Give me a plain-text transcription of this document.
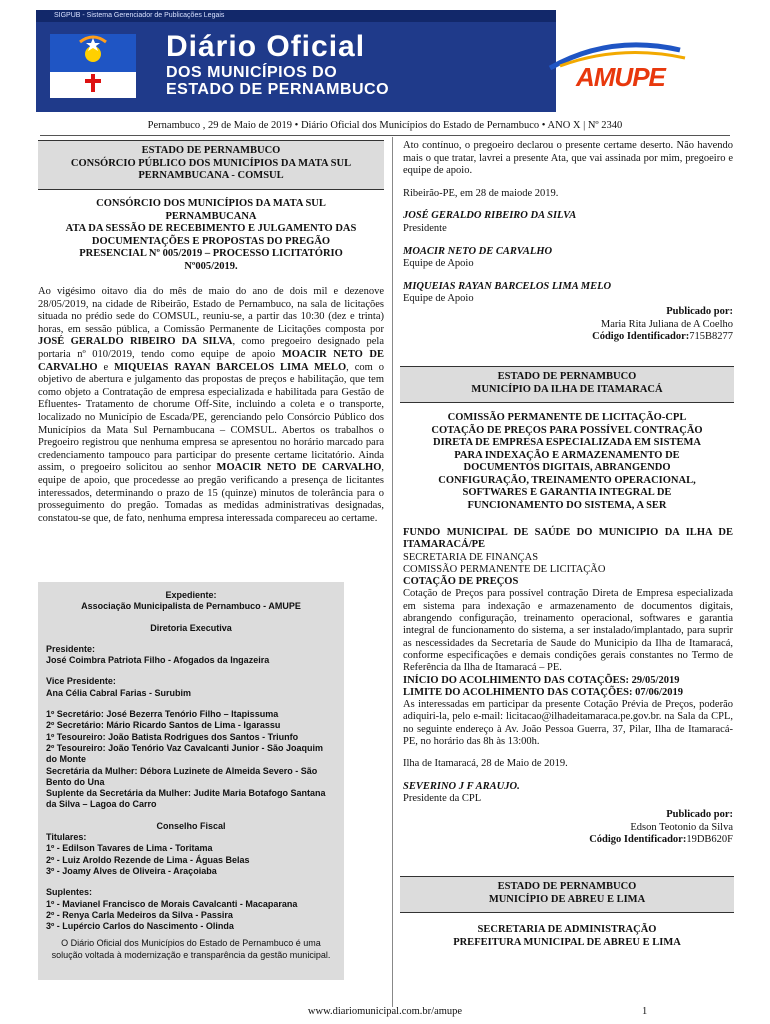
SIGPUB - Sistema Gerenciador de Publicações Legais
Diário Oficial
DOS MUNICÍPIOS DO
ESTADO DE PERNAMBUCO	AMUPE
Pernambuco , 29 de Maio de 2019 • Diário Oficial dos Municípios do Estado de Pernambuco • ANO X | Nº 2340
ESTADO DE PERNAMBUCO
CONSÓRCIO PÚBLICO DOS MUNICÍPIOS DA MATA SUL
PERNAMBUCANA - COMSUL
CONSÓRCIO DOS MUNICÍPIOS DA MATA SUL
PERNAMBUCANA
ATA DA SESSÃO DE RECEBIMENTO E JULGAMENTO DAS
DOCUMENTAÇÕES E PROPOSTAS DO PREGÃO
PRESENCIAL Nº 005/2019 – PROCESSO LICITATÓRIO
Nº005/2019.
Ao vigésimo oitavo dia do mês de maio do ano de dois mil e dezenove 28/05/2019, na cidade de Ribeirão, Estado de Pernambuco, na sala de licitações situada no prédio sede do COMSUL, reuniu-se, a partir das 10:30 (dez e trinta) horas, em sessão pública, a Comissão Permanente de Licitações composta por JOSÉ GERALDO RIBEIRO DA SILVA, como pregoeiro designado pela portaria nº 010/2019, tendo como equipe de apoio MOACIR NETO DE CARVALHO e MIQUEIAS RAYAN BARCELOS LIMA MELO, com o objetivo de abertura e julgamento das propostas de preços e habilitação, que tem como objeto a Contratação de empresa especializada e habilitada para Gestão de Efluentes- Tratamento de chorume Off-Site, incluindo a coleta e o transporte, localizado no Município de Escada/PE, gerenciando pelo Consórcio Público dos Municípios da Mata Sul Pernambucana – COMSUL. Abertos os trabalhos o Pregoeiro registrou que nenhuma empresa se apresentou no horário marcado para credenciamento tampouco para participar do presente certame licitatório. Ainda assim, o pregoeiro solicitou ao senhor MOACIR NETO DE CARVALHO, equipe de apoio, que procedesse ao pregão verificando a presença de licitantes interessados, determinando o prazo de 15 (quinze) minutos de tolerância para o prosseguimento do pregão. Tomadas as medidas administrativas designadas, constatou-se que, de fato, nenhuma empresa interessada compareceu ao certame.
Expediente:
Associação Municipalista de Pernambuco - AMUPE
Diretoria Executiva
Presidente:
José Coimbra Patriota Filho - Afogados da Ingazeira
Vice Presidente:
Ana Célia Cabral Farias - Surubim
1º Secretário: José Bezerra Tenório Filho – Itapissuma
2º Secretário: Mário Ricardo Santos de Lima - Igarassu
1º Tesoureiro: João Batista Rodrigues dos Santos - Triunfo
2º Tesoureiro: João Tenório Vaz Cavalcanti Junior - São Joaquim do Monte
Secretária da Mulher: Débora Luzinete de Almeida Severo - São Bento do Una
Suplente da Secretária da Mulher: Judite Maria Botafogo Santana da Silva – Lagoa do Carro
Conselho Fiscal
Titulares:
1º - Edilson Tavares de Lima - Toritama
2º - Luiz Aroldo Rezende de Lima - Águas Belas
3º - Joamy Alves de Oliveira - Araçoiaba
Suplentes:
1º - Mavianel Francisco de Morais Cavalcanti - Macaparana
2º - Renya Carla Medeiros da Silva - Passira
3º - Lupércio Carlos do Nascimento - Olinda
O Diário Oficial dos Municípios do Estado de Pernambuco é uma solução voltada à modernização e transparência da gestão municipal.

Ato contínuo, o pregoeiro declarou o presente certame deserto. Não havendo mais o que tratar, lavrei a presente Ata, que vai assinada por mim, pregoeiro e equipe de apoio.

Ribeirão-PE, em 28 de maiode 2019.

JOSÉ GERALDO RIBEIRO DA SILVA

Presidente

MOACIR NETO DE CARVALHO

Equipe de Apoio

MIQUEIAS RAYAN BARCELOS LIMA MELO

Equipe de Apoio

Publicado por:

Maria Rita Juliana de A Coelho

Código Identificador:715B8277

ESTADO DE PERNAMBUCO
MUNICÍPIO DA ILHA DE ITAMARACÁ
COMISSÃO PERMANENTE DE LICITAÇÃO-CPL
COTAÇÃO DE PREÇOS PARA POSSÍVEL CONTRAÇÃO
DIRETA DE EMPRESA ESPECIALIZADA EM SISTEMA
PARA INDEXAÇÃO E ARMAZENAMENTO DE
DOCUMENTOS DIGITAIS, ABRANGENDO
CONFIGURAÇÃO, TREINAMENTO OPERACIONAL,
SOFTWARES E GARANTIA INTEGRAL DE
FUNCIONAMENTO DO SISTEMA, A SER

FUNDO MUNICIPAL DE SAÚDE DO MUNICIPIO DA ILHA DE ITAMARACÁ/PE

SECRETARIA DE FINANÇAS

COMISSÃO PERMANENTE DE LICITAÇÃO

COTAÇÃO DE PREÇOS

Cotação de Preços para possível contração Direta de Empresa especializada em sistema para indexação e armazenamento de documentos digitais, abrangendo configuração, treinamento operacional, softwares e garantia integral de funcionamento do sistema, a ser instalado/implantado, para suprir as nescessidades da Secretaria de Saude do Municipio da Ilha de Itamaracá, conforme especificações e demais condições gerais constantes no Termo de Referência da Ilha de Itamaracá – PE.

INÍCIO DO ACOLHIMENTO DAS COTAÇÕES: 29/05/2019

LIMITE DO ACOLHIMENTO DAS COTAÇÕES: 07/06/2019

As interessadas em participar da presente Cotação Prévia de Preços, poderão adiquiri-la, pelo e-mail: licitacao@ilhadeitamaraca.pe.gov.br. na Sala da CPL, no seguinte endereço à Av. João Pessoa Guerra, 37, Pilar, Ilha de Itamaracá-PE, no horário das 8h às 13:00h.

Ilha de Itamaracá, 28 de Maio de 2019.

SEVERINO J F ARAUJO.

Presidente da CPL

Publicado por:

Edson Teotonio da Silva

Código Identificador:19DB620F

ESTADO DE PERNAMBUCO
MUNICÍPIO DE ABREU E LIMA
SECRETARIA DE ADMINISTRAÇÃO
PREFEITURA MUNICIPAL DE ABREU E LIMA
www.diariomunicipal.com.br/amupe	1
